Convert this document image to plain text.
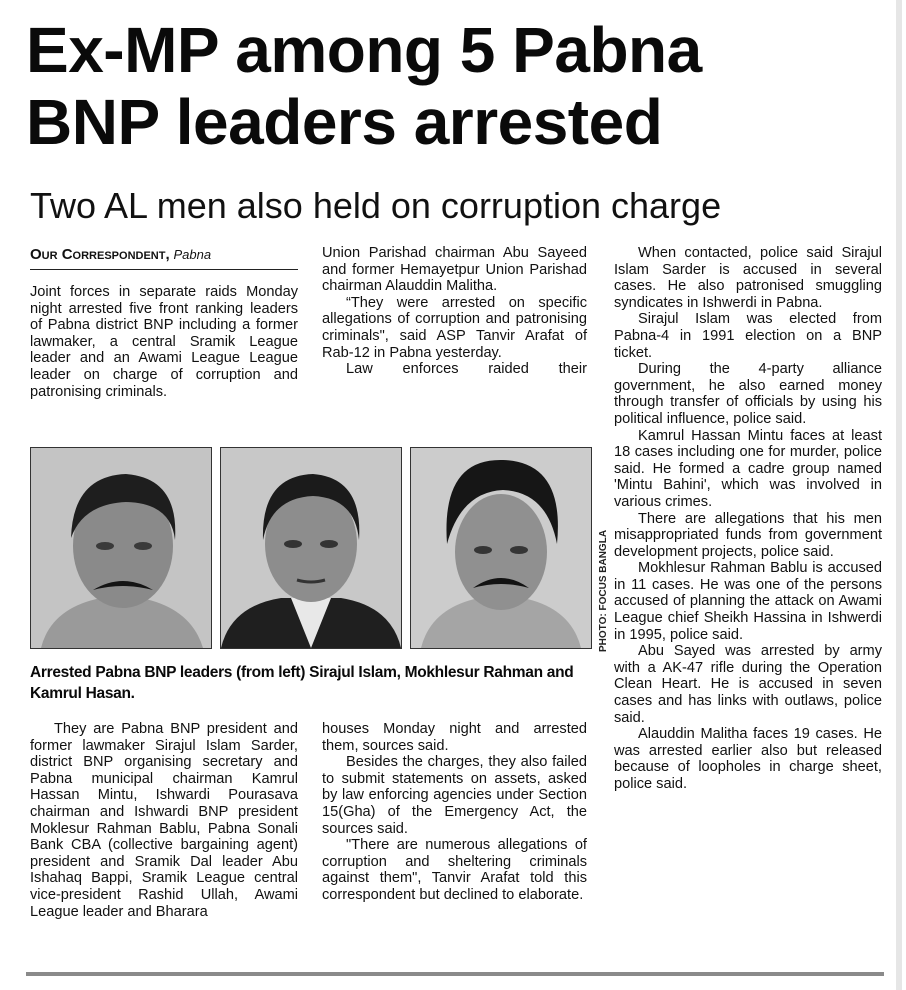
Ex-MP among 5 Pabna
BNP leaders arrested
Two AL men also held on corruption charge
Our Correspondent, Pabna

Joint forces in separate raids Monday night arrested five front ranking leaders of Pabna district BNP including a former lawmaker, a central Sramik League leader and an Awami League League leader on charge of corruption and patronising criminals.

Union Parishad chairman Abu Sayeed and former Hemayetpur Union Parishad chairman Alauddin Malitha.

“They were arrested on specific allegations of corruption and patronising criminals", said ASP Tanvir Arafat of Rab-12 in Pabna yesterday.

Law enforces raided their

When contacted, police said Sirajul Islam Sarder is accused in several cases. He also patronised smuggling syndicates in Ishwerdi in Pabna.

Sirajul Islam was elected from Pabna-4 in 1991 election on a BNP ticket.

During the 4-party alliance government, he also earned money through transfer of officials by using his political influence, police said.

Kamrul Hassan Mintu faces at least 18 cases including one for murder, police said. He formed a cadre group named 'Mintu Bahini', which was involved in various crimes.

There are allegations that his men misappropriated funds from government development projects, police said.

Mokhlesur Rahman Bablu is accused in 11 cases. He was one of the persons accused of planning the attack on Awami League chief Sheikh Hassina in Ishwerdi in 1995, police said.

Abu Sayed was arrested by army with a AK-47 rifle during the Operation Clean Heart. He is accused in seven cases and has links with outlaws, police said.

Alauddin Malitha faces 19 cases. He was arrested earlier also but released because of loopholes in charge sheet, police said.

PHOTO: FOCUS BANGLA
Arrested Pabna BNP leaders (from left) Sirajul Islam, Mokhlesur Rahman and Kamrul Hasan.

They are Pabna BNP president and former lawmaker Sirajul Islam Sarder, district BNP organising secretary and Pabna municipal chairman Kamrul Hassan Mintu, Ishwardi Pourasava chairman and Ishwardi BNP president Moklesur Rahman Bablu, Pabna Sonali Bank CBA (collective bargaining agent) president and Sramik Dal leader Abu Ishahaq Bappi, Sramik League central vice-president Rashid Ullah, Awami League leader and Bharara

houses Monday night and arrested them, sources said.

Besides the charges, they also failed to submit statements on assets, asked by law enforcing agencies under Section 15(Gha) of the Emergency Act, the sources said.

"There are numerous allegations of corruption and sheltering criminals against them", Tanvir Arafat told this correspondent but declined to elaborate.
